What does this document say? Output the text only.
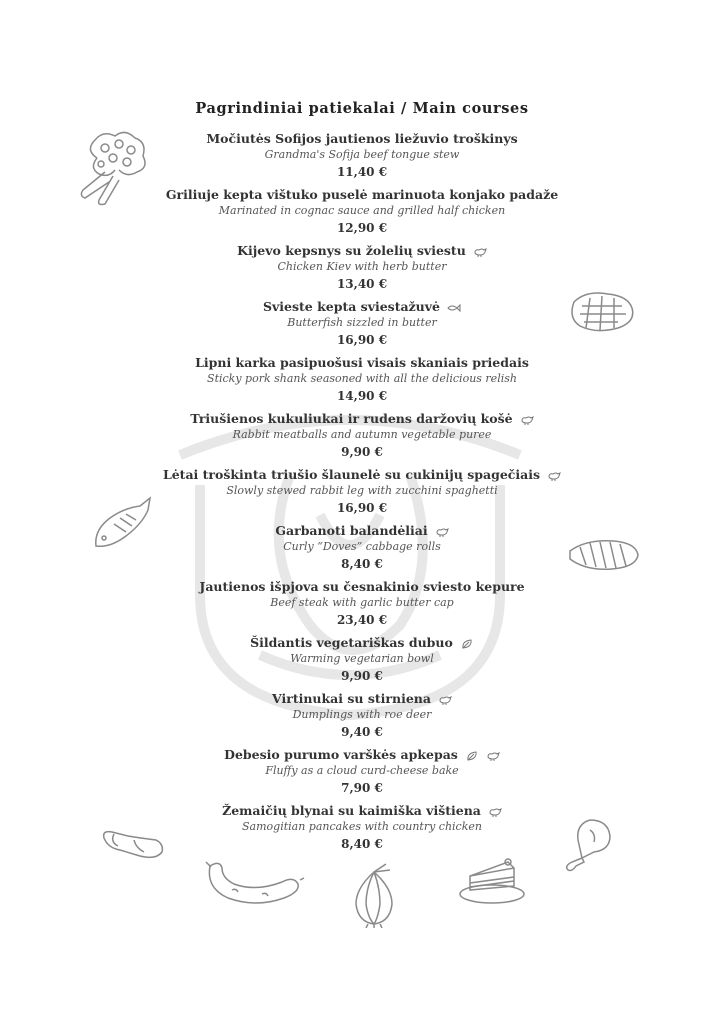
Pagrindiniai patiekalai / Main courses
Močiutės Sofijos jautienos liežuvio troškinys
Grandma's Sofija beef tongue stew
11,40 €
Griliuje kepta vištuko puselė marinuota konjako padaže
Marinated in cognac sauce and grilled half chicken
12,90 €
Kijevo kepsnys su žolelių sviestu
Chicken Kiev with herb butter
13,40 €
Svieste kepta sviestažuvė
Butterfish sizzled in butter
16,90 €
Lipni karka pasipuošusi visais skaniais priedais
Sticky pork shank seasoned with all the delicious relish
14,90 €
Triušienos kukuliukai ir rudens daržovių košė
Rabbit meatballs and autumn vegetable puree
9,90 €
Lėtai troškinta triušio šlaunelė su cukinijų spagečiais
Slowly stewed rabbit leg with zucchini spaghetti
16,90 €
Garbanoti balandėliai
Curly “Doves” cabbage rolls
8,40 €
Jautienos išpjova su česnakinio sviesto kepure
Beef steak with garlic butter cap
23,40 €
Šildantis vegetariškas dubuo
Warming vegetarian bowl
9,90 €
Virtinukai su stirniena
Dumplings with roe deer
9,40 €
Debesio purumo varškės apkepas
Fluffy as a cloud curd-cheese bake
7,90 €
Žemaičių blynai su kaimiška vištiena
Samogitian pancakes with country chicken
8,40 €
